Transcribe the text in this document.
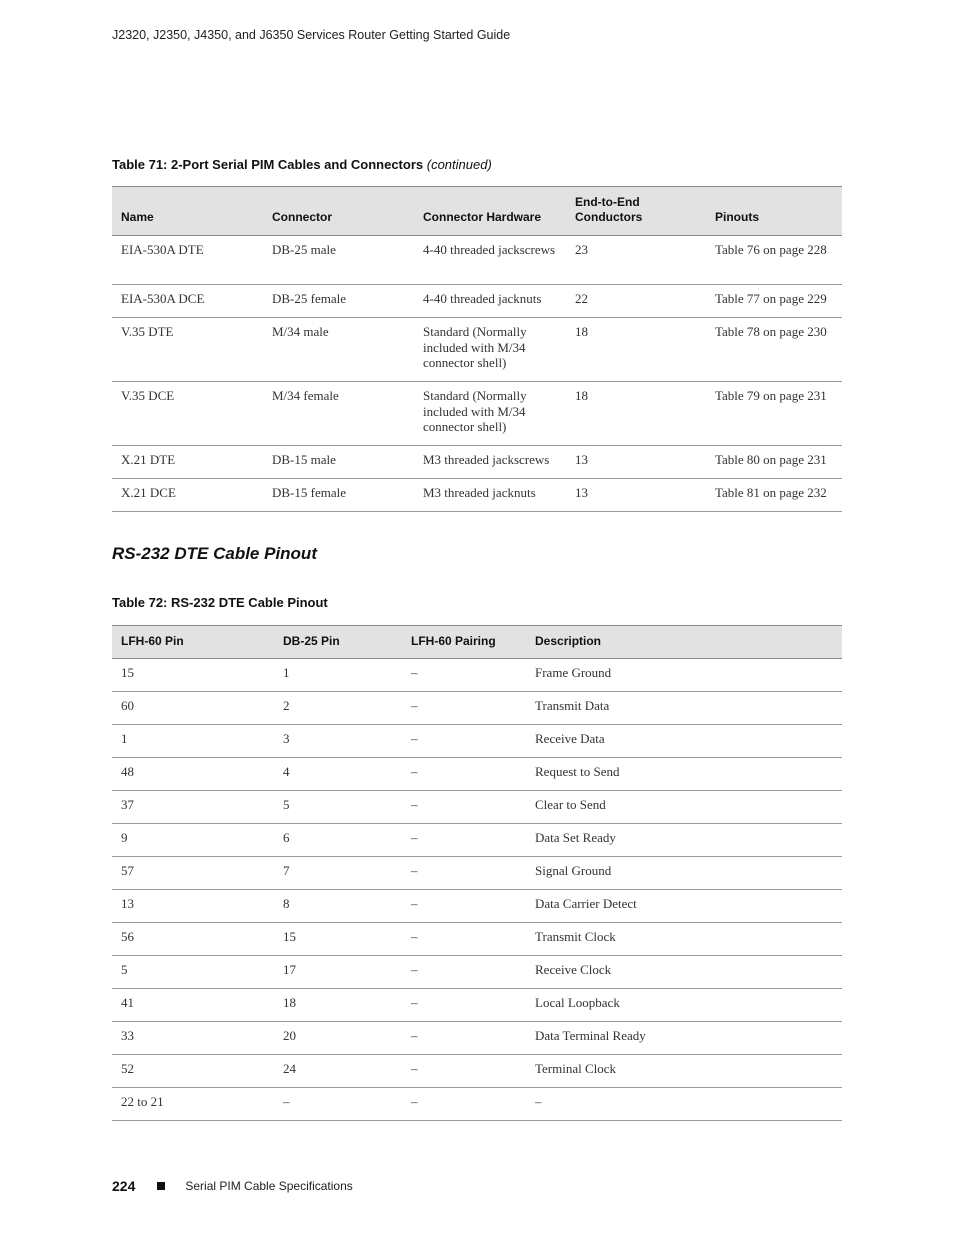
J2320, J2350, J4350, and J6350 Services Router Getting Started Guide
Table 71: 2-Port Serial PIM Cables and Connectors (continued)
Name	Connector	Connector Hardware	End-to-End Conductors	Pinouts
EIA-530A DTE	DB-25 male	4-40 threaded jackscrews	23	Table 76 on page 228
EIA-530A DCE	DB-25 female	4-40 threaded jacknuts	22	Table 77 on page 229
V.35 DTE	M/34 male	Standard (Normally included with M/34 connector shell)	18	Table 78 on page 230
V.35 DCE	M/34 female	Standard (Normally included with M/34 connector shell)	18	Table 79 on page 231
X.21 DTE	DB-15 male	M3 threaded jackscrews	13	Table 80 on page 231
X.21 DCE	DB-15 female	M3 threaded jacknuts	13	Table 81 on page 232
RS-232 DTE Cable Pinout
Table 72: RS-232 DTE Cable Pinout
LFH-60 Pin	DB-25 Pin	LFH-60 Pairing	Description
15	1	–	Frame Ground
60	2	–	Transmit Data
1	3	–	Receive Data
48	4	–	Request to Send
37	5	–	Clear to Send
9	6	–	Data Set Ready
57	7	–	Signal Ground
13	8	–	Data Carrier Detect
56	15	–	Transmit Clock
5	17	–	Receive Clock
41	18	–	Local Loopback
33	20	–	Data Terminal Ready
52	24	–	Terminal Clock
22 to 21	–	–	–
224	Serial PIM Cable Specifications
